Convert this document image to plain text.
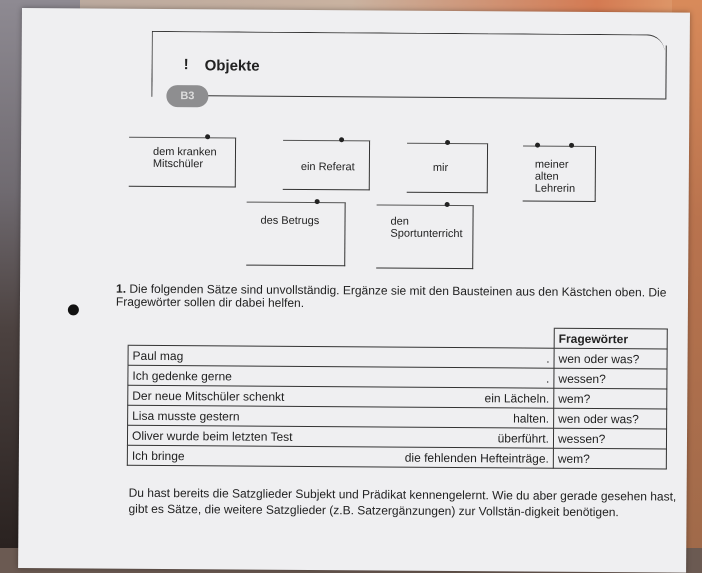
! Objekte
B3
dem kranken Mitschüler	ein Referat	mir	meiner alten Lehrerin
des Betrugs	den Sportunterricht
1. Die folgenden Sätze sind unvollständig. Ergänze sie mit den Bausteinen aus den Kästchen oben. Die Fragewörter sollen dir dabei helfen.
	Fragewörter

Paul mag .	wen oder was?

Ich gedenke gerne .	wessen?

Der neue Mitschüler schenkt ein Lächeln.	wem?

Lisa musste gestern halten.	wen oder was?

Oliver wurde beim letzten Test überführt.	wessen?

Ich bringe die fehlenden Hefteinträge.	wem?
Du hast bereits die Satzglieder Subjekt und Prädikat kennengelernt. Wie du aber gerade gesehen hast, gibt es Sätze, die weitere Satzglieder (z.B. Satzergänzungen) zur Vollstän-digkeit benötigen.
